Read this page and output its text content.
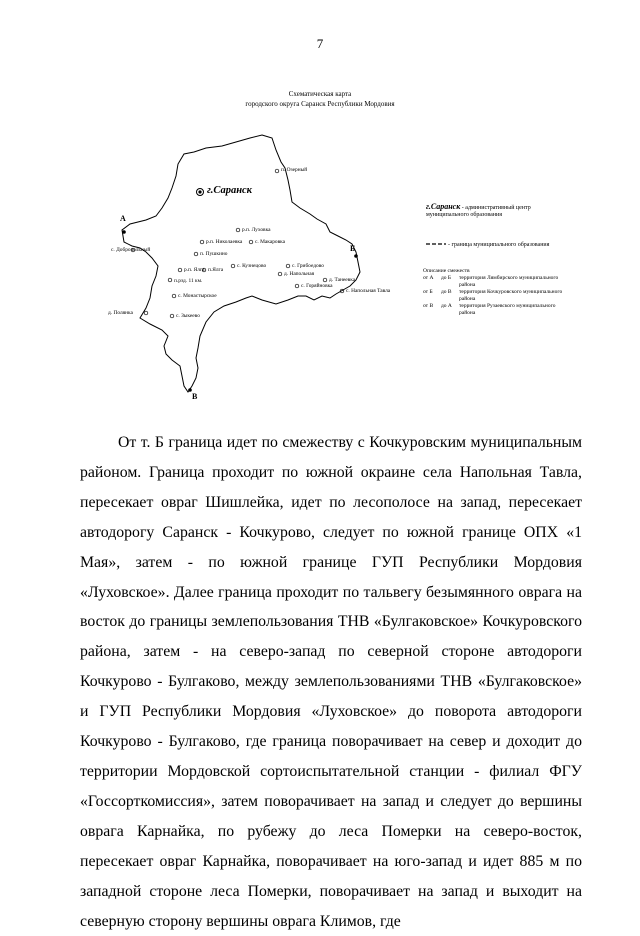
7
Схематическая карта
городского округа Саранск Республики Мордовия
п. Озерный
р.п. Луховка
р.п. Николаевка с. Макаровка
с. Добровольный
п. Пушкино
с. Кузнецово	с. Грибоедово
р.п. Ялга п.Ялга
д. Напольная
п.рзд. 11 км.	д. Танеевка
с. Горяйновка
с. Напольная Тавла
с. Монастырское
д. Полянка	с. Зыкеево
г.Саранск
А
Б
В
г.Саранск - административный центр муниципального образования
- граница муниципального образования
Описание смежеств
от А	до Б	территория Лямбирского муниципального района
от Б	до В	территория Кочкуровского муниципального района
от В	до А	территория Рузаевского муниципального района

От т. Б граница идет по смежеству с Кочкуровским муниципальным районом. Граница проходит по южной окраине села Напольная Тавла, пересекает овраг Шишлейка, идет по лесополосе на запад, пересекает автодорогу Саранск - Кочкурово, следует по южной границе ОПХ «1 Мая», затем - по южной границе ГУП Республики Мордовия «Луховское». Далее граница проходит по тальвегу безымянного оврага на восток до границы землепользования ТНВ «Булгаковское» Кочкуровского района, затем - на северо-запад по северной стороне автодороги Кочкурово - Булгаково, между землепользованиями ТНВ «Булгаковское» и ГУП Республики Мордовия «Луховское» до поворота автодороги Кочкурово - Булгаково, где граница поворачивает на север и доходит до территории Мордовской сортоиспытательной станции - филиал ФГУ «Госсорткомиссия», затем поворачивает на запад и следует до вершины оврага Карнайка, по рубежу до леса Померки на северо-восток, пересекает овраг Карнайка, поворачивает на юго-запад и идет 885 м по западной стороне леса Померки, поворачивает на запад и выходит на северную сторону вершины оврага Климов, где
